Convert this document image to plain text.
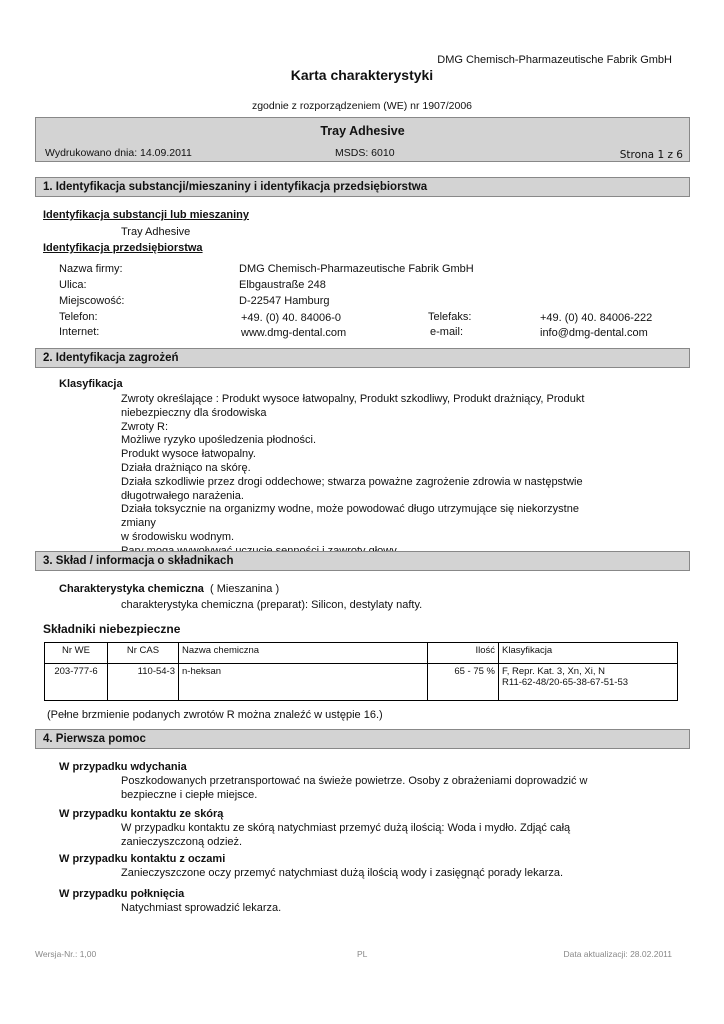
DMG Chemisch-Pharmazeutische Fabrik GmbH
Karta charakterystyki
zgodnie z rozporządzeniem (WE) nr 1907/2006
Tray Adhesive
Wydrukowano dnia: 14.09.2011	MSDS: 6010	Strona 1 z 6
1. Identyfikacja substancji/mieszaniny i identyfikacja przedsiębiorstwa
Identyfikacja substancji lub mieszaniny
Tray Adhesive
Identyfikacja przedsiębiorstwa
Nazwa firmy:	DMG Chemisch-Pharmazeutische Fabrik GmbH
Ulica:	Elbgaustraße 248
Miejscowość:	D-22547 Hamburg
Telefon:	+49. (0) 40. 84006-0	Telefaks:	+49. (0) 40. 84006-222
Internet:	www.dmg-dental.com	e-mail:	info@dmg-dental.com
2. Identyfikacja zagrożeń
Klasyfikacja
Zwroty określające : Produkt wysoce łatwopalny, Produkt szkodliwy, Produkt drażniący, Produkt
niebezpieczny dla środowiska
Zwroty R:
Możliwe ryzyko upośledzenia płodności.
Produkt wysoce łatwopalny.
Działa drażniąco na skórę.
Działa szkodliwie przez drogi oddechowe; stwarza poważne zagrożenie zdrowia w następstwie
długotrwałego narażenia.
Działa toksycznie na organizmy wodne, może powodować długo utrzymujące się niekorzystne zmiany
w środowisku wodnym.
3. Skład / informacja o składnikach
Charakterystyka chemiczna ( Mieszanina )
charakterystyka chemiczna (preparat): Silicon, destylaty nafty.
Składniki niebezpieczne
Nr WE	Nr CAS	Nazwa chemiczna	Ilość	Klasyfikacja
203-777-6	110-54-3	n-heksan	65 - 75 %	F, Repr. Kat. 3, Xn, Xi, N
R11-62-48/20-65-38-67-51-53
(Pełne brzmienie podanych zwrotów R można znaleźć w ustępie 16.)
4. Pierwsza pomoc
W przypadku wdychania
Poszkodowanych przetransportować na świeże powietrze. Osoby z obrażeniami doprowadzić w
bezpieczne i ciepłe miejsce.
W przypadku kontaktu ze skórą
W przypadku kontaktu ze skórą natychmiast przemyć dużą ilością: Woda i mydło. Zdjąć całą
zanieczyszczoną odzież.
W przypadku kontaktu z oczami
Zanieczyszczone oczy przemyć natychmiast dużą ilością wody i zasięgnąć porady lekarza.
W przypadku połknięcia
Natychmiast sprowadzić lekarza.
Wersja-Nr.: 1,00	PL	Data aktualizacji: 28.02.2011
